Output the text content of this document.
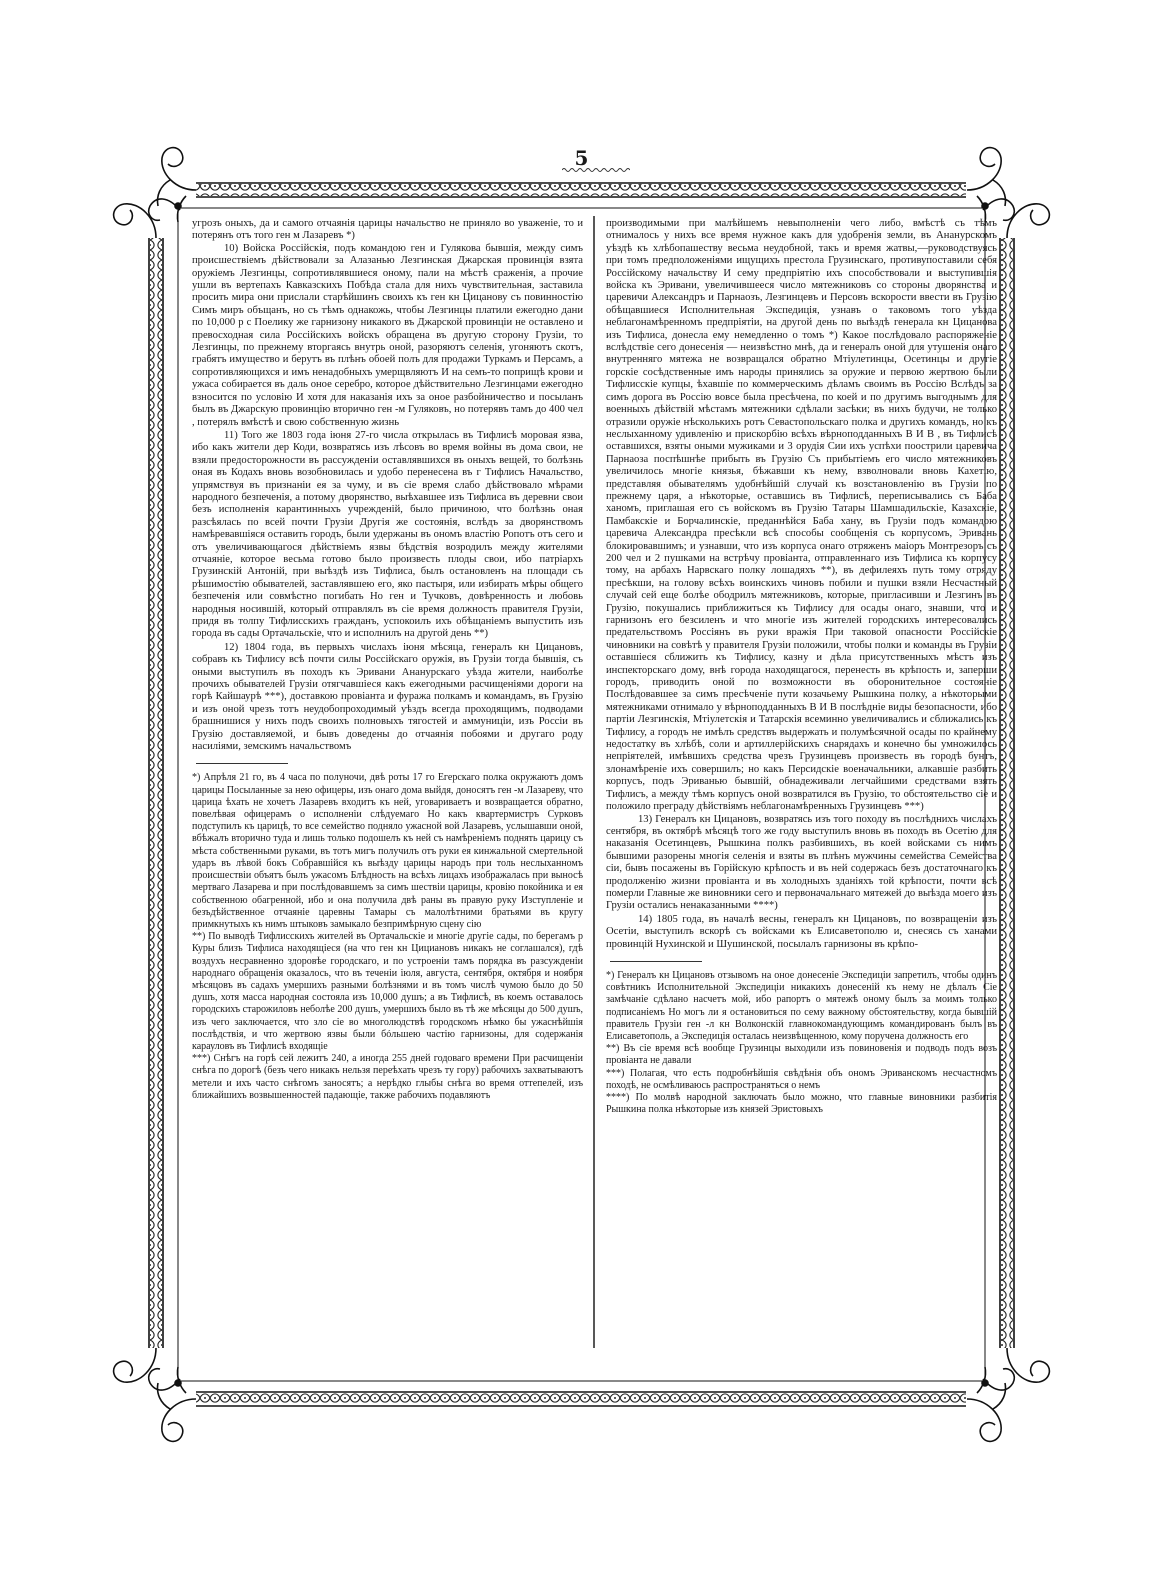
5

угрозъ оныхъ, да и самого отчаянія царицы начальство не приняло во уваженіе, то и потерянъ отъ того ген м Лазаревъ *)

10) Войска Россійскія, подъ командою ген и Гулякова бывшія, между симъ происшествіемъ дѣйствовали за Алазанью Лезгинская Джарская провинція взята оружіемъ Лезгинцы, сопротивлявшиеся оному, пали на мѣстѣ сраженія, а прочие ушли въ вертепахъ Кавказскихъ Побѣда стала для нихъ чувствительная, заставила просить мира они прислали старѣйшинъ своихъ къ ген кн Цицанову съ повинностію Симъ миръ объщанъ, но съ тѣмъ однакожь, чтобы Лезгинцы платили ежегодно дани по 10,000 р с Поелику же гарнизону никакого въ Джарской провинціи не оставлено и превосходная сила Россійскихъ войскъ обращена въ другую сторону Грузіи, то Лезгинцы, по прежнему вторгаясь внутрь оной, разоряютъ селенія, угоняютъ скотъ, грабятъ имущество и берутъ въ плѣнъ обоей полъ для продажи Туркамъ и Персамъ, а сопротивляющихся и имъ ненадобныхъ умерщвляютъ И на семъ-то поприщѣ крови и ужаса собирается въ даль оное серебро, которое дѣйствительно Лезгинцами ежегодно взносится по условію И хотя для наказанія ихъ за оное разбойничество и посыланъ былъ въ Джарскую провинцію вторично ген -м Гуляковъ, но потерявъ тамъ до 400 чел , потерялъ вмѣстѣ и свою собственную жизнь

11) Того же 1803 года іюня 27-го числа открылась въ Тифлисѣ моровая язва, ибо какъ жители дер Коди, возвратясь изъ лѣсовъ во время войны въ дома свои, не взяли предосторожности въ рассужденіи оставлявшихся въ оныхъ вещей, то болѣзнь оная въ Кодахъ вновь возобновилась и удобо перенесена въ г Тифлисъ Начальство, упрямствуя въ признаніи ея за чуму, и въ сіе время слабо дѣйствовало мѣрами народного безпеченія, а потому дворянство, выѣхавшее изъ Тифлиса въ деревни свои безъ исполненія карантинныхъ учрежденій, было причиною, что болѣзнь оная разсѣялась по всей почти Грузіи Другія же состоянія, вслѣдъ за дворянствомъ намѣревавшіяся оставить городъ, были удержаны въ ономъ властію Ропотъ отъ сего и отъ увеличивающагося дѣйствіемъ язвы бѣдствія возродилъ между жителями отчаяніе, которое весьма готово было произвесть плоды свои, ибо патріархъ Грузинскій Антоній, при выѣздѣ изъ Тифлиса, былъ остановленъ на площади съ рѣшимостію обывателей, заставлявшею его, яко пастыря, или избирать мѣры общего безпеченія или совмѣстно погибать Но ген и Тучковъ, довѣренность и любовь народныя носившій, который отправлялъ въ сіе время должность правителя Грузіи, придя въ толпу Тифлисскихъ гражданъ, успокоилъ ихъ обѣщаніемъ выпустить изъ города въ сады Ортачальскіе, что и исполнилъ на другой день **)

12) 1804 года, въ первыхъ числахъ іюня мѣсяца, генералъ кн Цицановъ, собравъ къ Тифлису всѣ почти силы Россійскаго оружія, въ Грузіи тогда бывшія, съ оными выступилъ въ походъ къ Эривани Ананурскаго уѣзда жители, наиболѣе прочихъ обывателей Грузіи отягчавшіеся какъ ежегодными расчищеніями дороги на горѣ Кайшаурѣ ***), доставкою провіанта и фуража полкамъ и командамъ, въ Грузію и изъ оной чрезъ тотъ неудобопроходимый уѣздъ всегда проходящимъ, подводами брашнишися у нихъ подъ своихъ полновыхъ тягостей и аммуниціи, изъ Россіи въ Грузію доставляемой, и бывъ доведены до отчаянія побоями и другаго роду насиліями, земскимъ начальствомъ

*) Апрѣля 21 го, въ 4 часа по полуночи, двѣ роты 17 го Егерскаго полка окружаютъ домъ царицы Посыланные за нею офицеры, изъ онаго дома выйдя, доносятъ ген -м Лазареву, что царица ѣхать не хочетъ Лазаревъ входитъ къ ней, уговариваетъ и возвращается обратно, повелѣвая офицерамъ о исполненіи слѣдуемаго Но какъ квартермистръ Сурковъ подступилъ къ царицѣ, то все семейство подняло ужасной вой Лазаревъ, услышавши оной, вбѣжалъ вторично туда и лишь только подошелъ къ ней съ намѣреніемъ поднять царицу съ мѣста собственными руками, въ тотъ мигъ получилъ отъ руки ея кинжальной смертельной ударъ въ лѣвой бокъ Собравшійся къ выѣзду царицы народъ при толь неслыханномъ происшествіи объятъ былъ ужасомъ Блѣдность на всѣхъ лицахъ изображалась при выносѣ мертваго Лазарева и при послѣдовавшемъ за симъ шествіи царицы, кровію покойника и ея собственною обагренной, ибо и она получила двѣ раны въ правую руку Изступленіе и безъдѣйственное отчаяніе царевны Тамары съ малолѣтними братьями въ кругу примкнутыхъ къ нимъ штыковъ замыкало безпримѣрную сцену сію

**) По выводѣ Тифлисскихъ жителей въ Ортачальскіе и многіе другіе сады, по берегамъ р Куры близъ Тифлиса находящіеся (на что ген кн Цициановъ никакъ не соглашался), гдѣ воздухъ несравненно здоровѣе городскаго, и по устроеніи тамъ порядка въ разсужденіи народнаго обращенія оказалось, что въ теченіи іюля, августа, сентября, октября и ноября мѣсяцовъ въ садахъ умершихъ разными болѣзнями и въ томъ числѣ чумою было до 50 душъ, хотя масса народная состояла изъ 10,000 душъ; а въ Тифлисѣ, въ коемъ оставалось городскихъ старожиловъ неболѣе 200 душъ, умершихъ было въ тѣ же мѣсяцы до 500 душъ, изъ чего заключается, что зло сіе во многолюдствѣ городскомъ нѣмко бы ужаснѣйшія послѣдствія, и что жертвою язвы были бóльшею частію гарнизоны, для содержанія карауловъ въ Тифлисѣ входящіе

***) Снѣгъ на горѣ сей лежитъ 240, а иногда 255 дней годоваго времени При расчищеніи снѣга по дорогѣ (безъ чего никакъ нельзя переѣхать чрезъ ту гору) рабочихъ захватываютъ метели и ихъ часто снѣгомъ заносятъ; а нерѣдко глыбы снѣга во время оттепелей, изъ ближайшихъ возвышенностей падающіе, также рабочихъ подавляютъ

производимыми при малѣйшемъ невыполненіи чего либо, вмѣстѣ съ тѣмъ отнималось у нихъ все время нужное какъ для удобренія земли, въ Ананурскомъ уѣздѣ къ хлѣбопашеству весьма неудобной, такъ и время жатвы,—руководствуясь при томъ предположеніями ищущихъ престола Грузинскаго, противупоставили себя Россійскому начальству И сему предпріятію ихъ способствовали и выступившія войска къ Эривани, увеличившееся число мятежниковъ со стороны дворянства и царевичи Александръ и Парнаозъ, Лезгинцевъ и Персовъ вскорости ввести въ Грузію обѣщавшиеся Исполнительная Экспедиція, узнавъ о таковомъ того уѣзда неблагонамѣренномъ предпріятіи, на другой день по выѣздѣ генерала кн Цицанова изъ Тифлиса, донесла ему немедленно о томъ *) Какое послѣдовало распоряженіе вслѣдствіе сего донесенія — неизвѣстно мнѣ, да и генералъ оной для утушенія онаго внутренняго мятежа не возвращался обратно Мтіулетинцы, Осетинцы и другіе горскіе сосѣдственные имъ народы принялись за оружие и первою жертвою были Тифлисскіе купцы, ѣхавшіе по коммерческимъ дѣламъ своимъ въ Россію Вслѣдъ за симъ дорога въ Россію вовсе была пресѣчена, по коей и по другимъ выгоднымъ для военныхъ дѣйствій мѣстамъ мятежники сдѣлали засѣки; въ нихъ будучи, не только отразили оружіе нѣсколькихъ ротъ Севастопольскаго полка и другихъ командъ, но къ неслыханному удивленію и прискорбію всѣхъ вѣрноподданныхъ В И В , въ Тифлисѣ оставшихся, взяты оными мужиками и 3 орудія Сии ихъ успѣхи поострили царевича Парнаоза поспѣшнѣе прибыть въ Грузію Съ прибытiемъ его число мятежниковъ увеличилось многіе князья, бѣжавши къ нему, взволновали вновь Кахетію, представляя обывателямъ удобнѣйшій случай къ возстановленію въ Грузіи по прежнему царя, а нѣкоторые, оставшись въ Тифлисѣ, переписывались съ Баба ханомъ, приглашая его съ войскомъ въ Грузію Татары Шамшадильскіе, Казахскіе, Памбакскіе и Борчалинскіе, преданнѣйся Баба хану, въ Грузіи подъ командою царевича Александра пресѣкли всѣ способы сообщенія съ корпусомъ, Эривань блокировавшимъ; и узнавши, что изъ корпуса онаго отряженъ маіоръ Монтрезоръ съ 200 чел и 2 пушками на встрѣчу провіанта, отправленнаго изъ Тифлиса къ корпусу тому, на арбахъ Нарвскаго полку лошадяхъ **), въ дефилеяхъ путь тому отряду пресѣкши, на голову всѣхъ воинскихъ чиновъ побили и пушки взяли Несчастный случай сей еще болѣе ободрилъ мятежниковъ, которые, пригласивши и Лезгинъ въ Грузію, покушались приближиться къ Тифлису для осады онаго, знавши, что и гарнизонъ его безсиленъ и что многіе изъ жителей городскихъ интересовались предательствомъ Россіянъ въ руки вражія При таковой опасности Россійскіе чиновники на совѣтѣ у правителя Грузіи положили, чтобы полки и команды въ Грузіи оставшіеся сближить къ Тифлису, казну и дѣла присутственныхъ мѣстъ изъ инспекторскаго дому, внѣ города находящагося, перенесть въ крѣпость и, заперши городъ, приводить оной по возможности въ оборонительное состояніе Послѣдовавшее за симъ пресѣченіе пути козачьему Рышкина полку, а нѣкоторыми мятежниками отнимало у вѣрноподданныхъ В И В послѣдніе виды безопасности, ибо партіи Лезгинскія, Мтіулетскія и Татарскія всеминно увеличивались и сближались къ Тифлису, а городъ не имѣлъ средствъ выдержать и полумѣсячной осады по крайнему недостатку въ хлѣбѣ, соли и артиллерійскихъ снарядахъ и конечно бы умножилось непріятелей, имѣвшихъ средства чрезъ Грузинцевъ произвесть въ городѣ бунтъ, злонамѣреніе ихъ совершилъ; но какъ Персидскіе военачальники, алкавшіе разбить корпусъ, подъ Эриванью бывшій, обнадеживали легчайшими средствами взять Тифлисъ, а между тѣмъ корпусъ оной возвратился въ Грузію, то обстоятельство сіе и положило преграду дѣйствіямъ неблагонамѣренныхъ Грузинцевъ ***)

13) Генералъ кн Цицановъ, возвратясь изъ того походу въ послѣднихъ числахъ сентября, въ октябрѣ мѣсяцѣ того же году выступилъ вновь въ походъ въ Осетію для наказанія Осетинцевъ, Рышкина полкъ разбившихъ, въ коей войсками съ нимъ бывшими разорены многія селенія и взяты въ плѣнъ мужчины семейства Семейства сіи, бывъ посажены въ Горійскую крѣпость и въ ней содержась безъ достаточнаго къ продолженію жизни провіанта и въ холодныхъ зданіяхъ той крѣпости, почти всѣ померли Главные же виновники сего и первоначальнаго мятежей до выѣзда моего изъ Грузіи остались ненаказанными ****)

14) 1805 года, въ началѣ весны, генералъ кн Цицановъ, по возвращеніи изъ Осетіи, выступилъ вскорѣ съ войсками къ Елисаветополю и, снесясь съ ханами провинцій Нухинской и Шушинской, посылалъ гарнизоны въ крѣпо-

*) Генералъ кн Цицановъ отзывомъ на оное донесеніе Экспедиціи запретилъ, чтобы одинъ совѣтникъ Исполнительной Экспедиціи никакихъ донесеній къ нему не дѣлалъ Сіе замѣчаніе сдѣлано насчетъ мой, ибо рапортъ о мятежѣ оному былъ за моимъ только подписаніемъ Но могъ ли я остановиться по сему важному обстоятельству, когда бывшій правитель Грузіи ген -л кн Волконскій главнокомандующимъ командированъ былъ въ Елисаветополь, а Экспедиція осталась неизвѣщенною, кому поручена должность его

**) Въ сіе время всѣ вообще Грузинцы выходили изъ повиновенія и подводъ подъ возъ провіанта не давали

***) Полагая, что есть подробнѣйшія свѣдѣнія объ ономъ Эриванскомъ несчастномъ походѣ, не осмѣливаюсь распространяться о немъ

****) По молвѣ народной заключать было можно, что главные виновники разбитія Рышкина полка нѣкоторые изъ князей Эристовыхъ
